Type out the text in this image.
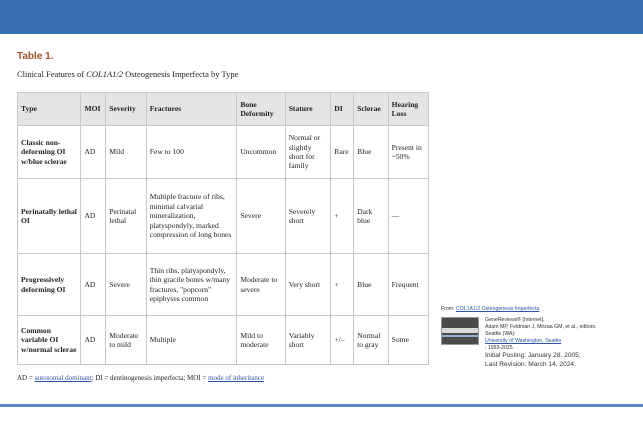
Table 1.

Clinical Features of COL1A1/2 Osteogenesis Imperfecta by Type

Type	MOI	Severity	Fractures	Bone Deformity	Stature	DI	Sclerae	Hearing Loss
Classic non-deforming OI w/blue sclerae	AD	Mild	Few to 100	Uncommon	Normal or slightly short for family	Rare	Blue	Present in ~50%
Perinatally lethal OI	AD	Perinatal lethal	Multiple fracture of ribs, minimal calvarial mineralization, platyspondyly, marked compression of long bones	Severe	Severely short	+	Dark blue	—
Progressively deforming OI	AD	Severe	Thin ribs, platyspondyly, thin gracile bones w/many fractures, "popcorn" epiphyses common	Moderate to severe	Very short	+	Blue	Frequent
Common variable OI w/normal sclerae	AD	Moderate to mild	Multiple	Mild to moderate	Variably short	+/–	Normal to gray	Some

AD = autosomal dominant; DI = dentinogenesis imperfecta; MOI = mode of inheritance

From: COL1A1/2 Osteogenesis Imperfecta
GeneReviews® [Internet].
Adam MP, Feldman J, Mirzaa GM, et al., editors.
Seattle (WA):
University of Washington, Seattle
; 1993-2025.
Initial Posting: January 28, 2005;
Last Revision: March 14, 2024.
